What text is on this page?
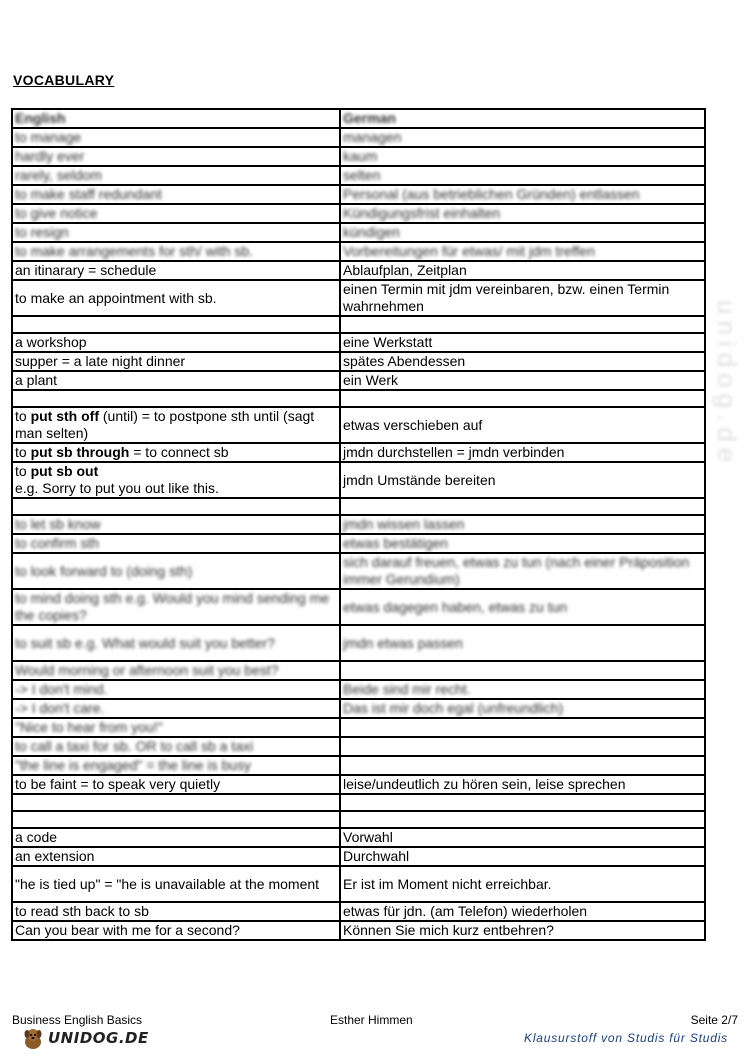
VOCABULARY
unidog.de
English	German
to manage	managen
hardly ever	kaum
rarely, seldom	selten
to make staff redundant	Personal (aus betrieblichen Gründen) entlassen
to give notice	Kündigungsfrist einhalten
to resign	kündigen
to make arrangements for sth/ with sb.	Vorbereitungen für etwas/ mit jdm treffen
an itinarary = schedule	Ablaufplan, Zeitplan
to make an appointment with sb.	einen Termin mit jdm vereinbaren, bzw. einen Termin wahrnehmen

a workshop	eine Werkstatt
supper = a late night dinner	spätes Abendessen
a plant	ein Werk

to put sth off (until) = to postpone sth until (sagt man selten)	etwas verschieben auf
to put sb through = to connect sb	jmdn durchstellen = jmdn verbinden
to put sb out
e.g. Sorry to put you out like this.	jmdn Umstände bereiten

to let sb know	jmdn wissen lassen
to confirm sth	etwas bestätigen
to look forward to (doing sth)	sich darauf freuen, etwas zu tun (nach einer Präposition immer Gerundium)
to mind doing sth e.g. Would you mind sending me the copies?	etwas dagegen haben, etwas zu tun
to suit sb e.g. What would suit you better?	jmdn etwas passen
Would morning or afternoon suit you best?	
-> I don't mind.	Beide sind mir recht.
-> I don't care.	Das ist mir doch egal (unfreundlich)
"Nice to hear from you!"	
to call a taxi for sb. OR to call sb a taxi	
"the line is engaged" = the line is busy	
to be faint = to speak very quietly	leise/undeutlich zu hören sein, leise sprechen

a code	Vorwahl
an extension	Durchwahl
"he is tied up" = "he is unavailable at the moment	Er ist im Moment nicht erreichbar.
to read sth back to sb	etwas für jdn. (am Telefon) wiederholen
Can you bear with me for a second?	Können Sie mich kurz entbehren?
Business English Basics	Esther Himmen	Seite 2/7
UNIDOG.DE	Klausurstoff von Studis für Studis
